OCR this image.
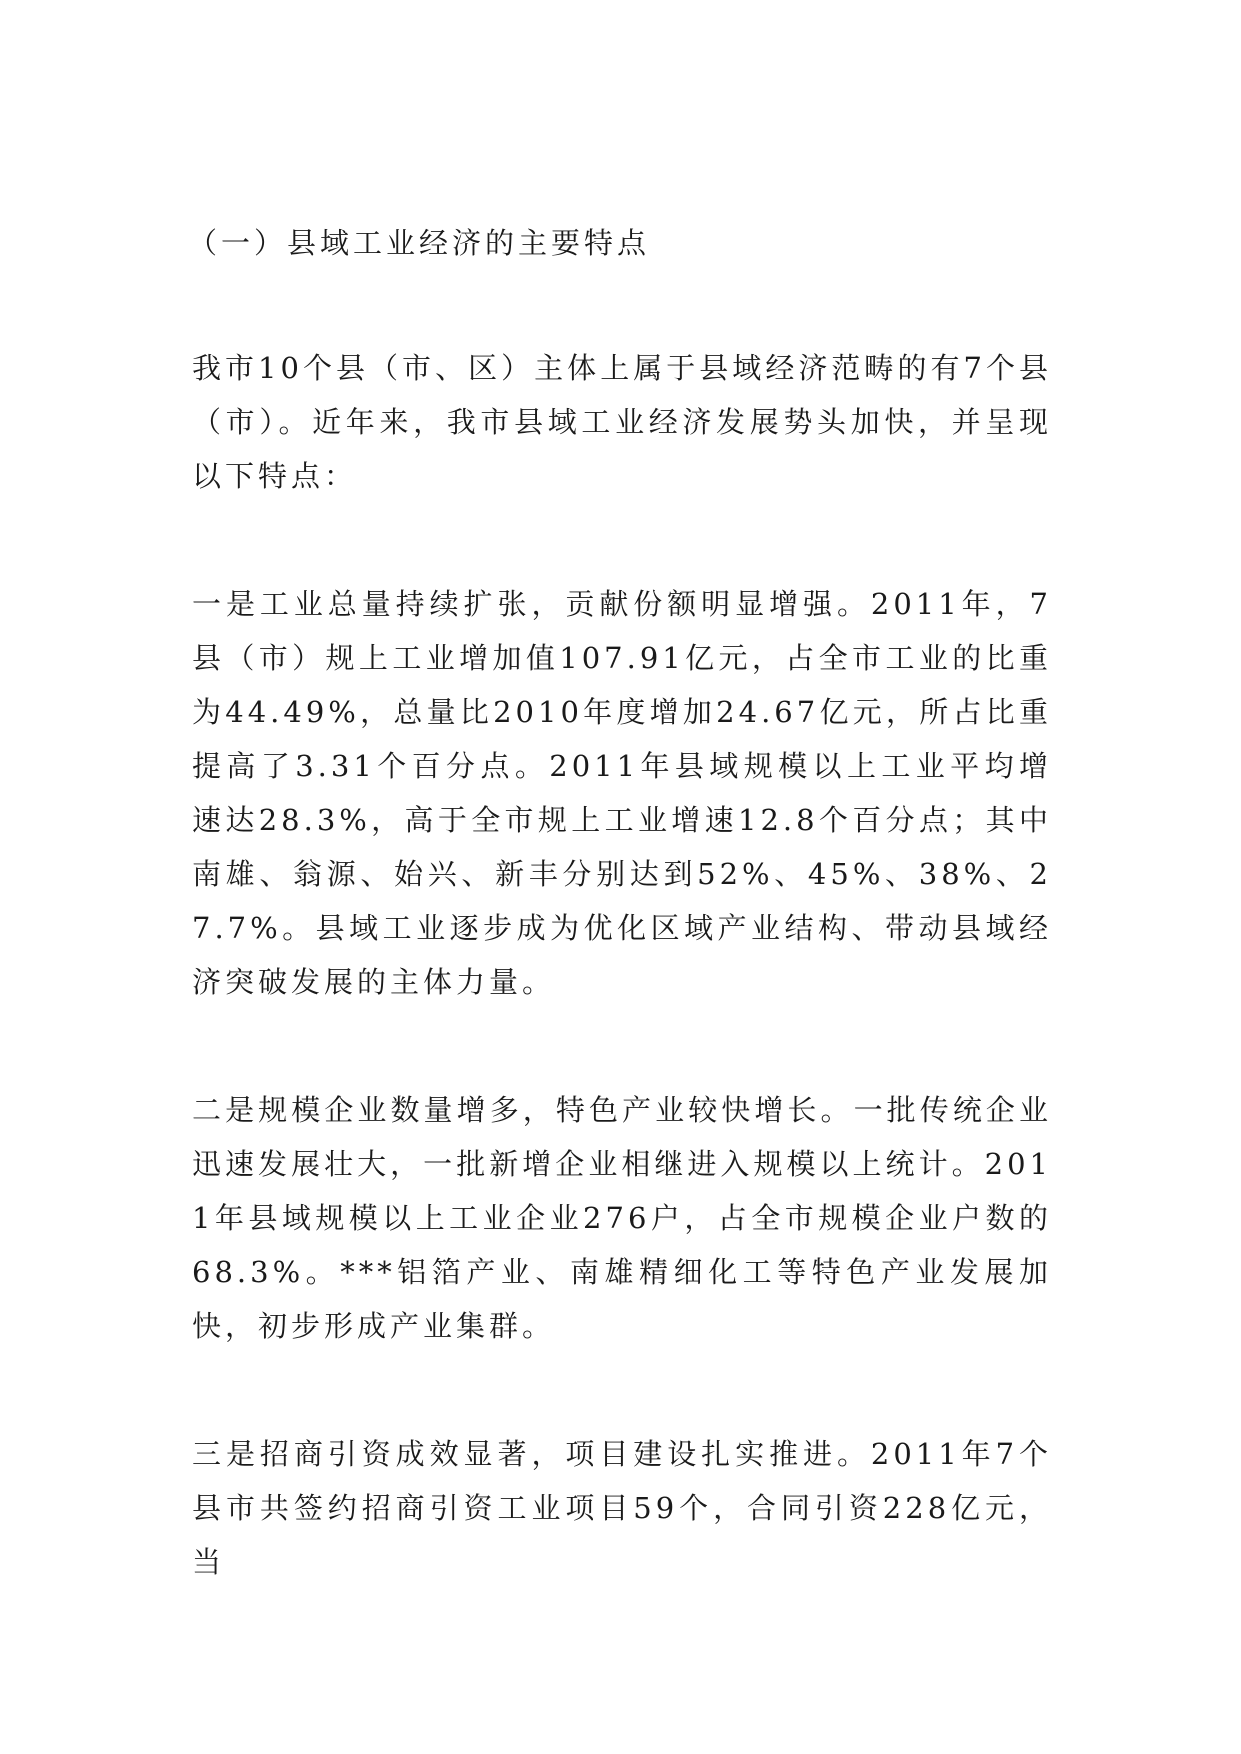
（一）县域工业经济的主要特点

我市10个县（市、区）主体上属于县域经济范畴的有7个县（市）。近年来，我市县域工业经济发展势头加快，并呈现以下特点：

一是工业总量持续扩张，贡献份额明显增强。2011年，7县（市）规上工业增加值107.91亿元，占全市工业的比重为44.49%，总量比2010年度增加24.67亿元，所占比重提高了3.31个百分点。2011年县域规模以上工业平均增速达28.3%，高于全市规上工业增速12.8个百分点；其中南雄、翁源、始兴、新丰分别达到52%、45%、38%、27.7%。县域工业逐步成为优化区域产业结构、带动县域经济突破发展的主体力量。

二是规模企业数量增多，特色产业较快增长。一批传统企业迅速发展壮大，一批新增企业相继进入规模以上统计。2011年县域规模以上工业企业276户，占全市规模企业户数的68.3%。***铝箔产业、南雄精细化工等特色产业发展加快，初步形成产业集群。

三是招商引资成效显著，项目建设扎实推进。2011年7个县市共签约招商引资工业项目59个，合同引资228亿元，当
